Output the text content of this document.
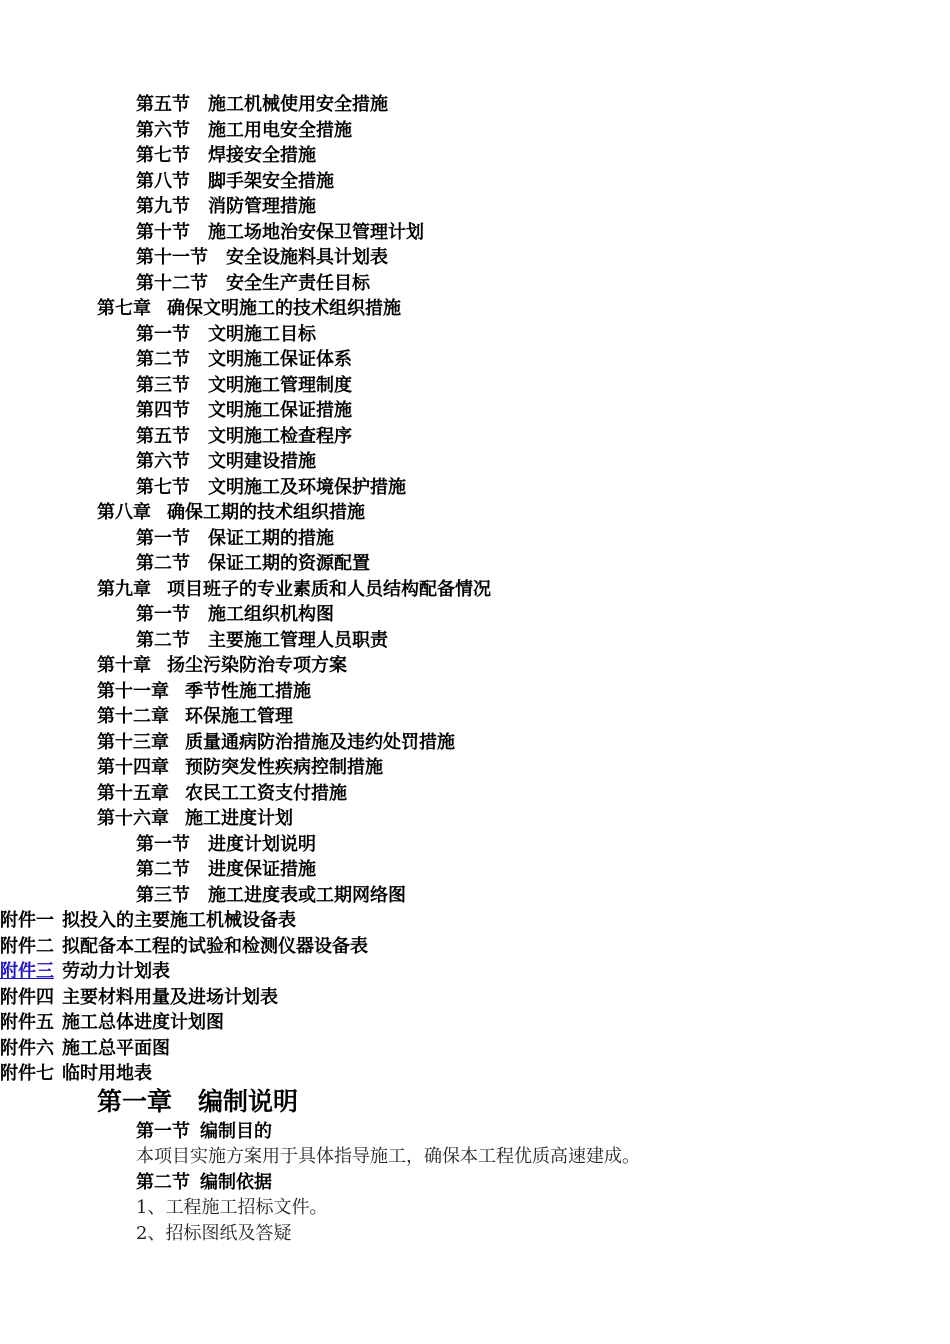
第五节 施工机械使用安全措施
第六节 施工用电安全措施
第七节 焊接安全措施
第八节 脚手架安全措施
第九节 消防管理措施
第十节 施工场地治安保卫管理计划
第十一节 安全设施料具计划表
第十二节 安全生产责任目标
第七章 确保文明施工的技术组织措施
第一节 文明施工目标
第二节 文明施工保证体系
第三节 文明施工管理制度
第四节 文明施工保证措施
第五节 文明施工检查程序
第六节 文明建设措施
第七节 文明施工及环境保护措施
第八章 确保工期的技术组织措施
第一节 保证工期的措施
第二节 保证工期的资源配置
第九章 项目班子的专业素质和人员结构配备情况
第一节 施工组织机构图
第二节 主要施工管理人员职责
第十章 扬尘污染防治专项方案
第十一章 季节性施工措施
第十二章 环保施工管理
第十三章 质量通病防治措施及违约处罚措施
第十四章 预防突发性疾病控制措施
第十五章 农民工工资支付措施
第十六章 施工进度计划
第一节 进度计划说明
第二节 进度保证措施
第三节 施工进度表或工期网络图
附件一 拟投入的主要施工机械设备表
附件二 拟配备本工程的试验和检测仪器设备表
附件三 劳动力计划表
附件四 主要材料用量及进场计划表
附件五 施工总体进度计划图
附件六 施工总平面图
附件七 临时用地表
第一章 编制说明
第一节 编制目的
本项目实施方案用于具体指导施工，确保本工程优质高速建成。
第二节 编制依据
1、工程施工招标文件。
2、招标图纸及答疑
